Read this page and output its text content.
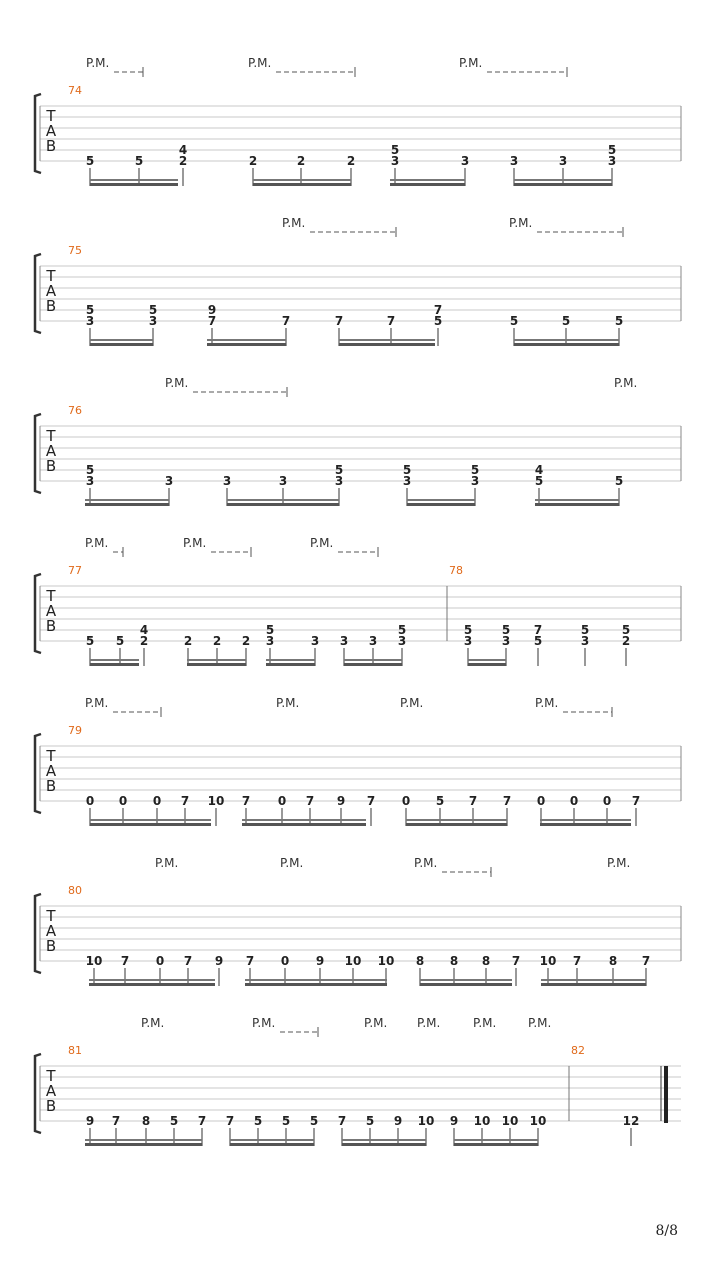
T
A
B
74
P.M.	P.M.	P.M.
5	5
4
2	2	2	2
5
3	3	3	3
5
3
T
A
B
75
P.M.	P.M.
5
3
5
3
9
7	7	7	7
7
5	5	5	5
T
A
B
76
P.M.	P.M.
5
3	3	3	3
5
3
5
3
5
3
4
5	5
T
A
B
77	78
P.M.	P.M.	P.M.
5 5
4
2	2 2 2
5
3	3 3 3
5
3
5
3
5
3
7
5
5
3
5
2
T
A
B
79
P.M.	P.M.	P.M.	P.M.
0 0 0 7 10 7 0 7 9 7 0 5 7 7 0 0 0 7
T
A
B
80
P.M.	P.M.	P.M.	P.M.
10 7 0 7 9 7 0 9 10 10 8 8 8 7 10 7 8 7
T
A
B
81	82
P.M.	P.M.	P.M. P.M.	P.M.	P.M.
9 7 8 5 7 7 5 5 5 7 5 9 10 9 10 10 10	12
8/8
